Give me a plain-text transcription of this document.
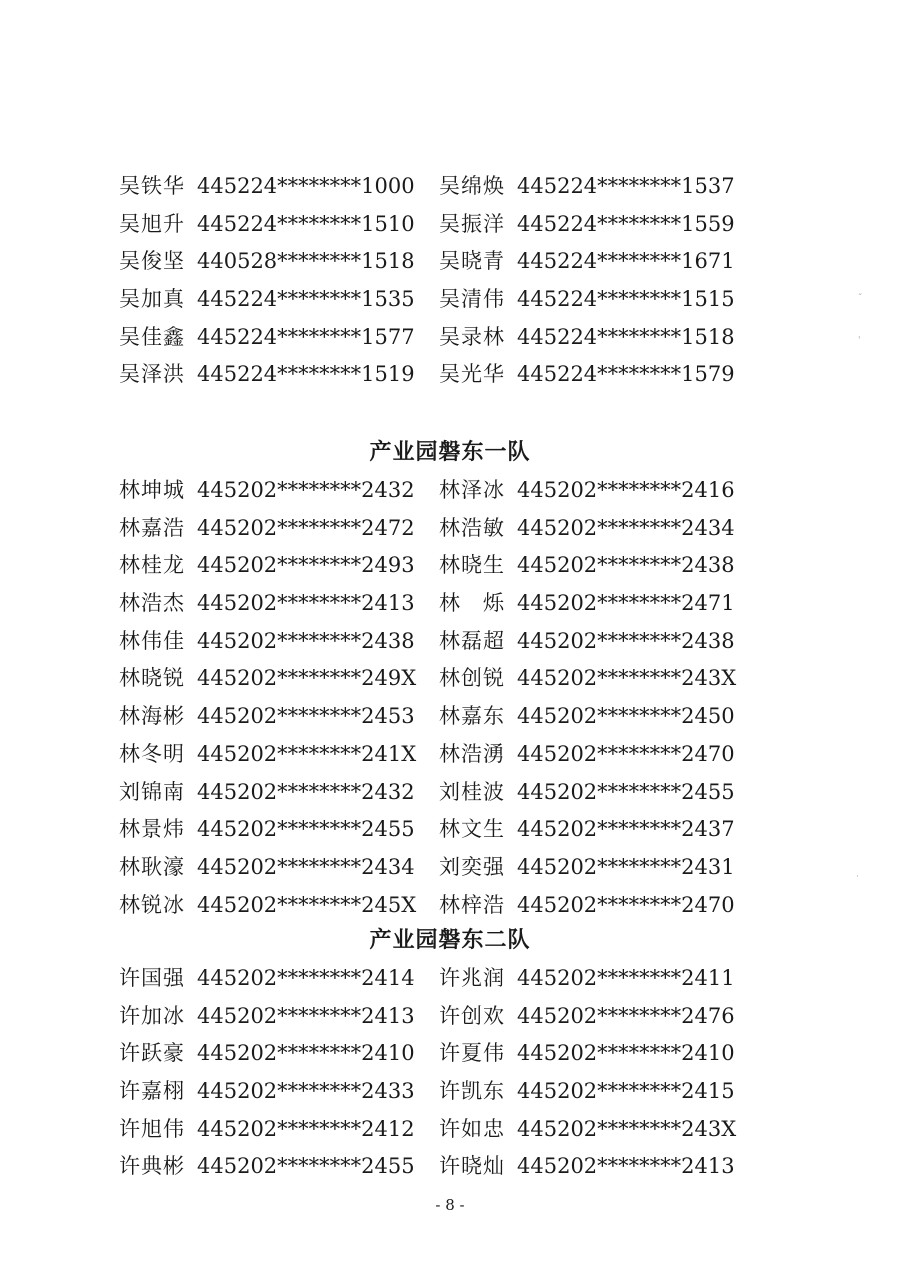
吴铁华 445224********1000 吴绵焕 445224********1537
吴旭升 445224********1510 吴振洋 445224********1559
吴俊坚 440528********1518 吴晓青 445224********1671
吴加真 445224********1535 吴清伟 445224********1515
吴佳鑫 445224********1577 吴录林 445224********1518
吴泽洪 445224********1519 吴光华 445224********1579
产业园磐东一队
林坤城 445202********2432 林泽冰 445202********2416
林嘉浩 445202********2472 林浩敏 445202********2434
林桂龙 445202********2493 林晓生 445202********2438
林浩杰 445202********2413 林　烁 445202********2471
林伟佳 445202********2438 林磊超 445202********2438
林晓锐 445202********249X 林创锐 445202********243X
林海彬 445202********2453 林嘉东 445202********2450
林冬明 445202********241X 林浩湧 445202********2470
刘锦南 445202********2432 刘桂波 445202********2455
林景炜 445202********2455 林文生 445202********2437
林耿濠 445202********2434 刘奕强 445202********2431
林锐冰 445202********245X 林梓浩 445202********2470
产业园磐东二队
许国强 445202********2414 许兆润 445202********2411
许加冰 445202********2413 许创欢 445202********2476
许跃豪 445202********2410 许夏伟 445202********2410
许嘉栩 445202********2433 许凯东 445202********2415
许旭伟 445202********2412 许如忠 445202********243X
许典彬 445202********2455 许晓灿 445202********2413
- 8 -
ˇ
'
·
